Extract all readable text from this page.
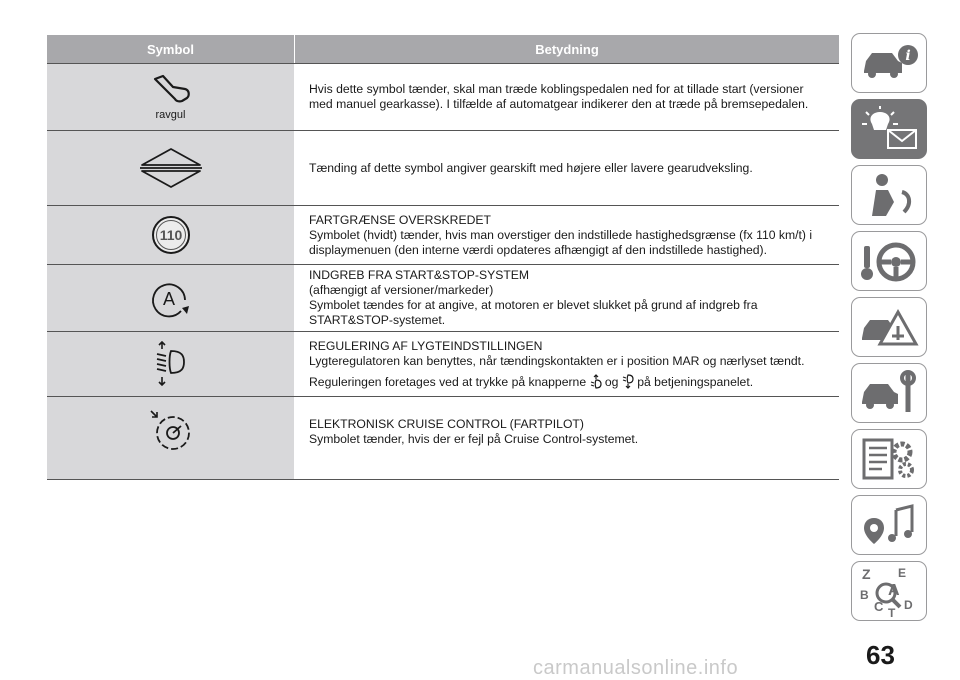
Symbol	Betydning
ravgul

Hvis dette symbol tænder, skal man træde koblingspedalen ned for at tillade start (versioner

med manuel gearkasse). I tilfælde af automatgear indikerer den at træde på bremsepedalen.

Tænding af dette symbol angiver gearskift med højere eller lavere gearudveksling.

110

FARTGRÆNSE OVERSKREDET

Symbolet (hvidt) tænder, hvis man overstiger den indstillede hastighedsgrænse (fx 110 km/t) i

displaymenuen (den interne værdi opdateres afhængigt af den indstillede hastighed).

A

INDGREB FRA START&STOP-SYSTEM

(afhængigt af versioner/markeder)

Symbolet tændes for at angive, at motoren er blevet slukket på grund af indgreb fra

START&STOP-systemet.

REGULERING AF LYGTEINDSTILLINGEN

Lygteregulatoren kan benyttes, når tændingskontakten er i position MAR og nærlyset tændt.

Reguleringen foretages ved at trykke på knapperne og på betjeningspanelet.

ELEKTRONISK CRUISE CONTROL (FARTPILOT)

Symbolet tænder, hvis der er fejl på Cruise Control-systemet.

i
Z E
B A
C T
D
63
carmanualsonline.info
